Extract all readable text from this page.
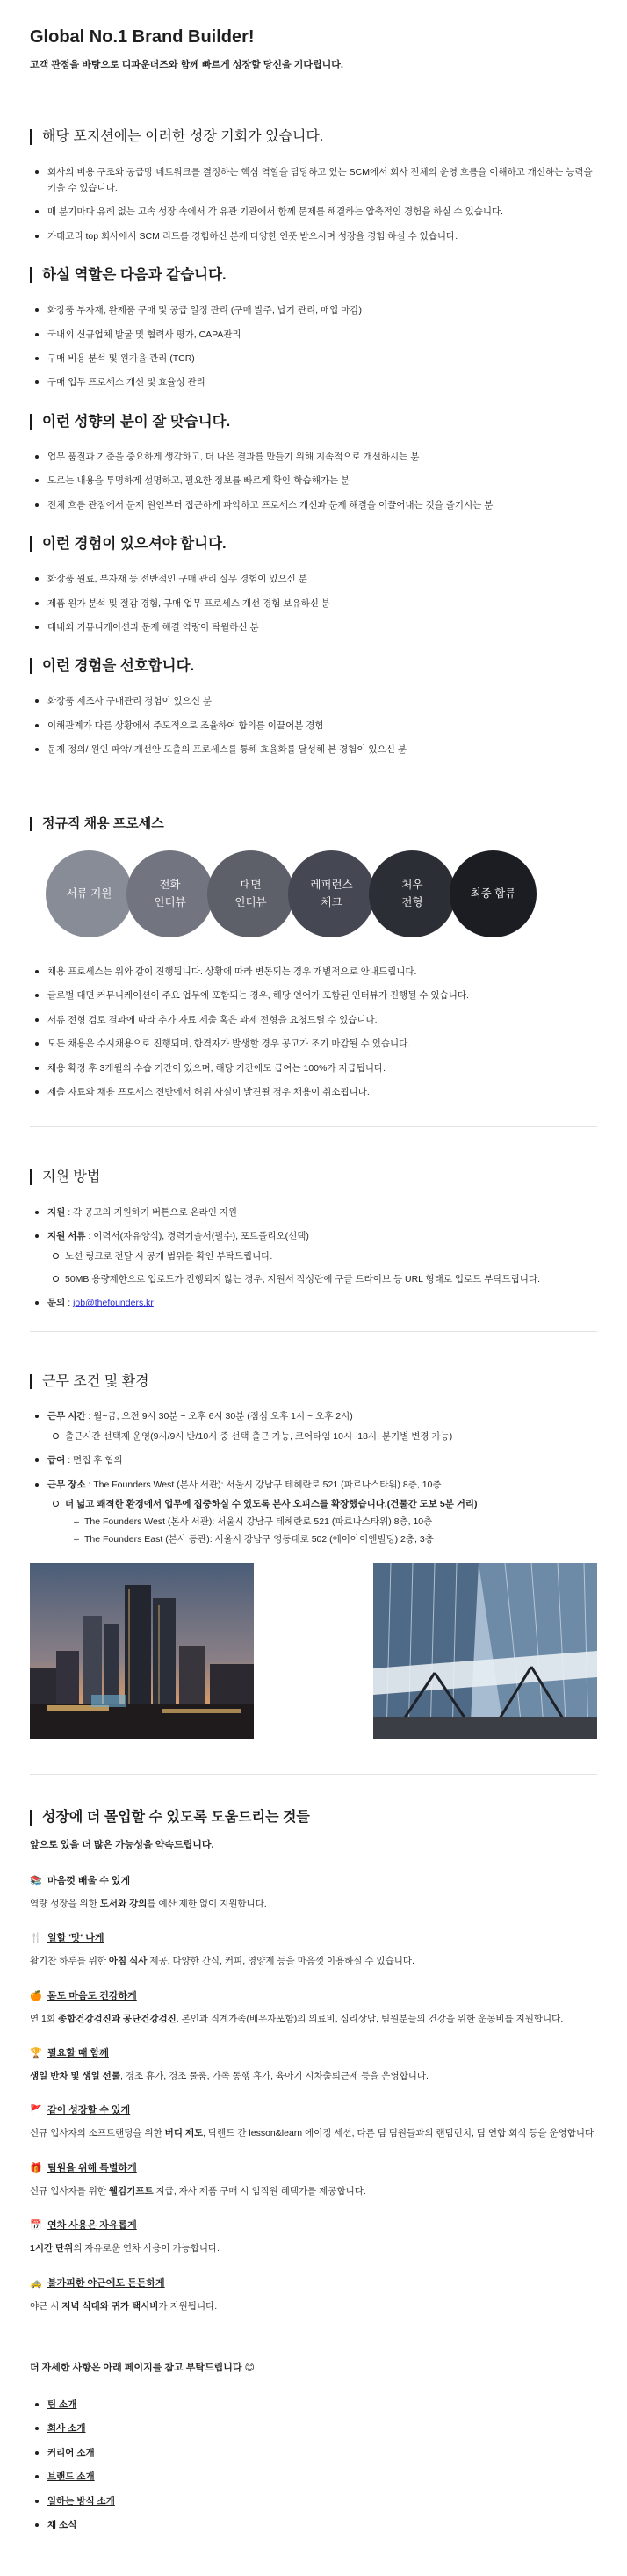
Global No.1 Brand Builder!
고객 관점을 바탕으로 디파운더즈와 함께 빠르게 성장할 당신을 기다립니다.
해당 포지션에는 이러한 성장 기회가 있습니다.
회사의 비용 구조와 공급망 네트워크를 결정하는 핵심 역할을 담당하고 있는 SCM에서 회사 전체의 운영 흐름을 이해하고 개선하는 능력을 키울 수 있습니다.
매 분기마다 유례 없는 고속 성장 속에서 각 유관 기관에서 함께 문제를 해결하는 압축적인 경험을 하실 수 있습니다.
카테고리 top 회사에서 SCM 리드를 경험하신 분께 다양한 인풋 받으시며 성장을 경험 하실 수 있습니다.
하실 역할은 다음과 같습니다.
화장품 부자재, 완제품 구매 및 공급 일정 관리 (구매 발주, 납기 관리, 매입 마감)
국내외 신규업체 발굴 및 협력사 평가, CAPA관리
구매 비용 분석 및 원가율 관리 (TCR)
구매 업무 프로세스 개선 및 효율성 관리
이런 성향의 분이 잘 맞습니다.
업무 품질과 기준을 중요하게 생각하고, 더 나은 결과를 만들기 위해 지속적으로 개선하시는 분
모르는 내용을 투명하게 설명하고, 필요한 정보를 빠르게 확인·학습해가는 분
전체 흐름 관점에서 문제 원인부터 접근하게 파악하고 프로세스 개선과 문제 해결을 이끌어내는 것을 즐기시는 분
이런 경험이 있으셔야 합니다.
화장품 원료, 부자재 등 전반적인 구매 관리 실무 경험이 있으신 분
제품 원가 분석 및 절감 경험, 구매 업무 프로세스 개선 경험 보유하신 분
대내외 커뮤니케이션과 문제 해결 역량이 탁월하신 분
이런 경험을 선호합니다.
화장품 제조사 구매관리 경험이 있으신 분
이해관계가 다른 상황에서 주도적으로 조율하여 합의를 이끌어본 경험
문제 정의/ 원인 파악/ 개선안 도출의 프로세스를 통해 효율화를 달성해 본 경험이 있으신 분
정규직 채용 프로세스
서류 지원
전화
인터뷰
대면
인터뷰
레퍼런스
체크
처우
전형
최종 합류
채용 프로세스는 위와 같이 진행됩니다. 상황에 따라 변동되는 경우 개별적으로 안내드립니다.
글로벌 대면 커뮤니케이션이 주요 업무에 포함되는 경우, 해당 언어가 포함된 인터뷰가 진행될 수 있습니다.
서류 전형 검토 결과에 따라 추가 자료 제출 혹은 과제 전형을 요청드릴 수 있습니다.
모든 채용은 수시채용으로 진행되며, 합격자가 발생할 경우 공고가 조기 마감될 수 있습니다.
채용 확정 후 3개월의 수습 기간이 있으며, 해당 기간에도 급여는 100%가 지급됩니다.
제출 자료와 채용 프로세스 전반에서 허위 사실이 발견될 경우 채용이 취소됩니다.
지원 방법
지원 : 각 공고의 지원하기 버튼으로 온라인 지원
지원 서류 : 이력서(자유양식), 경력기술서(필수), 포트폴리오(선택)
노션 링크로 전달 시 공개 범위를 확인 부탁드립니다.
50MB 용량제한으로 업로드가 진행되지 않는 경우, 지원서 작성란에 구글 드라이브 등 URL 형태로 업로드 부탁드립니다.
문의 : job@thefounders.kr
근무 조건 및 환경
근무 시간 : 월~금, 오전 9시 30분 ~ 오후 6시 30분 (점심 오후 1시 ~ 오후 2시)
출근시간 선택제 운영(9시/9시 반/10시 중 선택 출근 가능, 코어타임 10시~18시, 분기별 변경 가능)
급여 : 면접 후 협의
근무 장소 : The Founders West (본사 서관): 서울시 강남구 테헤란로 521 (파르나스타워) 8층, 10층
더 넓고 쾌적한 환경에서 업무에 집중하실 수 있도록 본사 오피스를 확장했습니다.(건물간 도보 5분 거리)
– The Founders West (본사 서관): 서울시 강남구 테헤란로 521 (파르나스타워) 8층, 10층
– The Founders East (본사 동관): 서울시 강남구 영동대로 502 (에이아이앤빌딩) 2층, 3층
성장에 더 몰입할 수 있도록 도움드리는 것들
앞으로 있을 더 많은 가능성을 약속드립니다.
📚 마음껏 배울 수 있게
역량 성장을 위한 도서와 강의를 예산 제한 없이 지원합니다.
🍴 일할 '맛' 나게
활기찬 하루를 위한 아침 식사 제공, 다양한 간식, 커피, 영양제 등을 마음껏 이용하실 수 있습니다.
🍊 몸도 마음도 건강하게
연 1회 종합건강검진과 공단건강검진, 본인과 직계가족(배우자포함)의 의료비, 심리상담, 팀원분들의 건강을 위한 운동비를 지원합니다.
🏆 필요할 때 함께
생일 반차 및 생일 선물, 경조 휴가, 경조 물품, 가족 동행 휴가, 육아기 시차출퇴근제 등을 운영합니다.
🚩 같이 성장할 수 있게
신규 입사자의 소프트랜딩을 위한 버디 제도, 탁렌드 간 lesson&learn 에이징 세션, 다른 팀 팀원들과의 랜덤런치, 팀 연합 회식 등을 운영합니다.
🎁 팀원을 위해 특별하게
신규 입사자를 위한 웰컴기프트 지급, 자사 제품 구매 시 임직원 혜택가를 제공합니다.
📅 연차 사용은 자유롭게
1시간 단위의 자유로운 연차 사용이 가능합니다.
🚕 불가피한 야근에도 든든하게
야근 시 저녁 식대와 귀가 택시비가 지원됩니다.
더 자세한 사항은 아래 페이지를 참고 부탁드립니다 😊
팀 소개
회사 소개
커리어 소개
브랜드 소개
일하는 방식 소개
채 소식
